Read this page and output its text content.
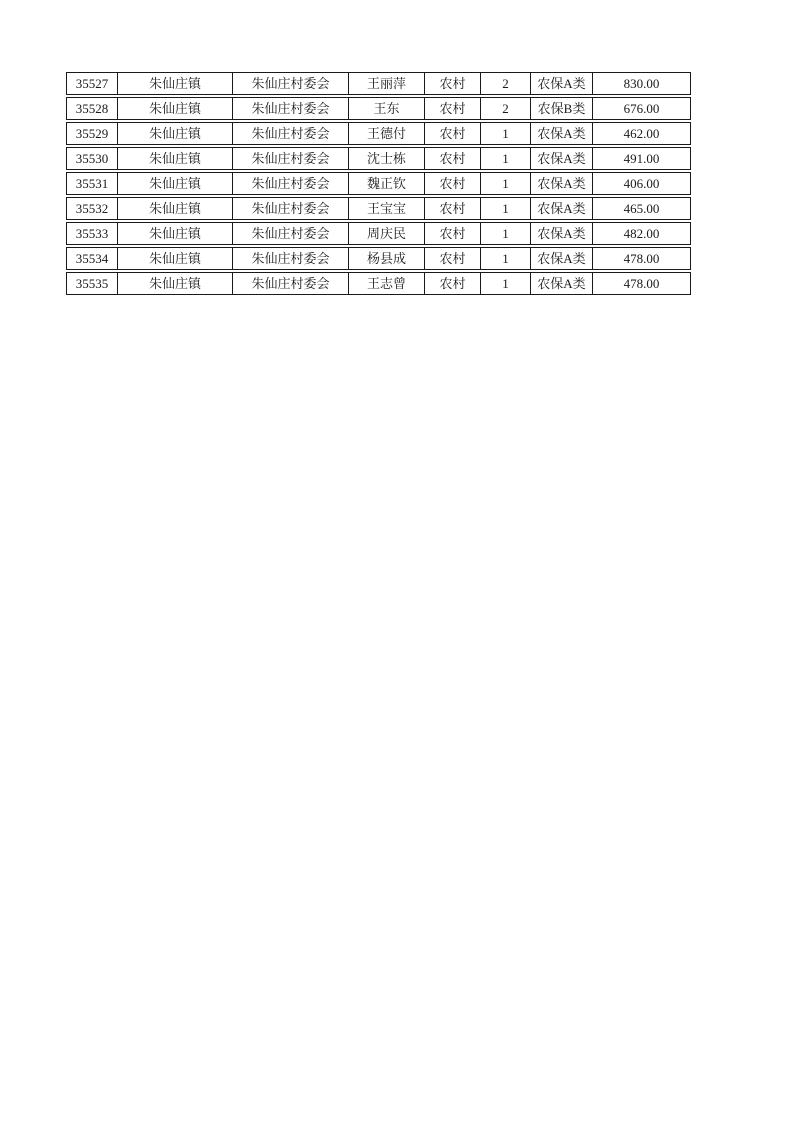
35527	朱仙庄镇	朱仙庄村委会	王丽萍	农村	2	农保A类	830.00
35528	朱仙庄镇	朱仙庄村委会	王东	农村	2	农保B类	676.00
35529	朱仙庄镇	朱仙庄村委会	王德付	农村	1	农保A类	462.00
35530	朱仙庄镇	朱仙庄村委会	沈士栋	农村	1	农保A类	491.00
35531	朱仙庄镇	朱仙庄村委会	魏正钦	农村	1	农保A类	406.00
35532	朱仙庄镇	朱仙庄村委会	王宝宝	农村	1	农保A类	465.00
35533	朱仙庄镇	朱仙庄村委会	周庆民	农村	1	农保A类	482.00
35534	朱仙庄镇	朱仙庄村委会	杨县成	农村	1	农保A类	478.00
35535	朱仙庄镇	朱仙庄村委会	王志曾	农村	1	农保A类	478.00
